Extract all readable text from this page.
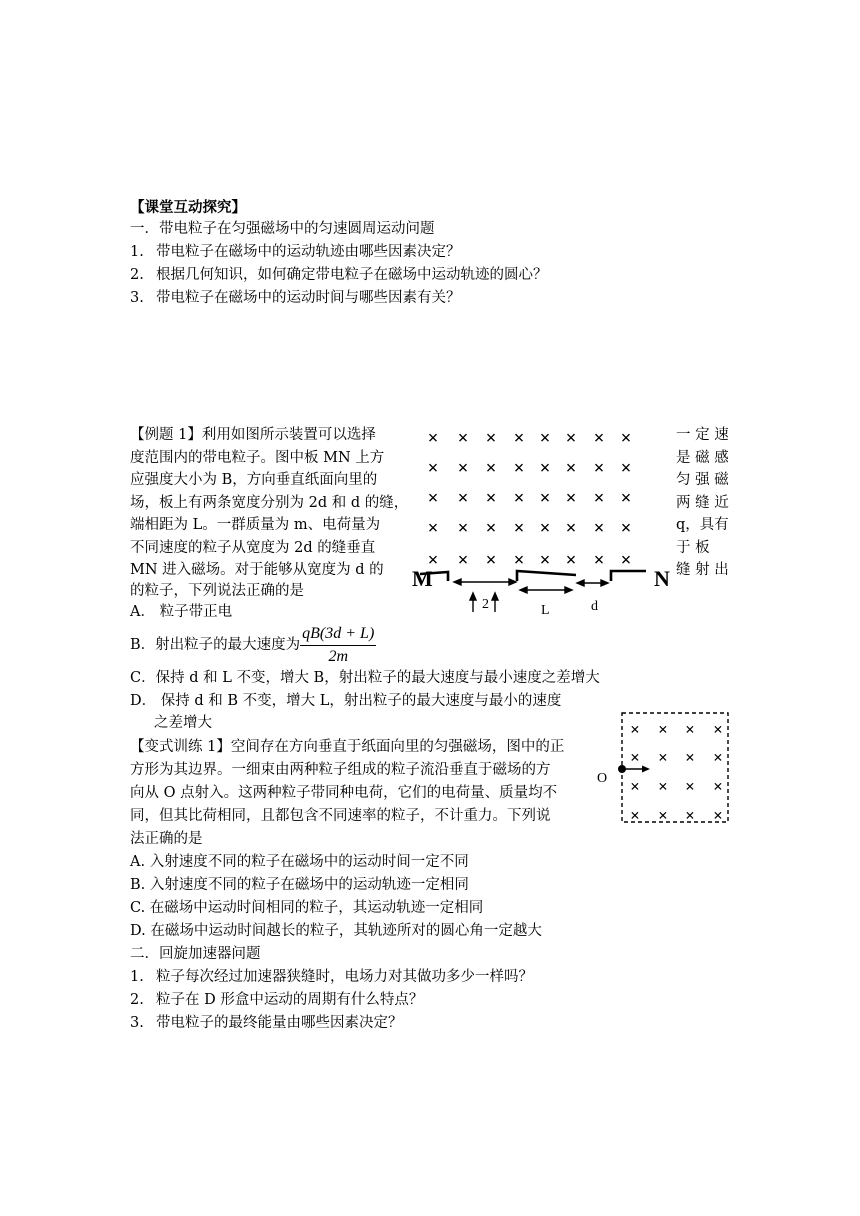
【课堂互动探究】
一．带电粒子在匀强磁场中的匀速圆周运动问题
1. 带电粒子在磁场中的运动轨迹由哪些因素决定？
2. 根据几何知识，如何确定带电粒子在磁场中运动轨迹的圆心？
3. 带电粒子在磁场中的运动时间与哪些因素有关？
【例题 1】利用如图所示装置可以选择
度范围内的带电粒子。图中板 MN 上方
应强度大小为 B，方向垂直纸面向里的
场，板上有两条宽度分别为 2d 和 d 的缝，
端相距为 L。一群质量为 m、电荷量为
不同速度的粒子从宽度为 2d 的缝垂直
MN 进入磁场。对于能够从宽度为 d 的
的粒子，下列说法正确的是
一 定 速
是 磁 感
匀 强 磁
两 缝 近
q，具有
于 板
缝 射 出
× × × × × × × ×
× × × × × × × ×
× × × × × × × ×
× × × × × × × ×
× × × × × × × ×
M	N
2	L	d
A． 粒子带正电
B．射出粒子的最大速度为 $\frac{qB(3d + L)}{2m}$
C．保持 d 和 L 不变，增大 B，射出粒子的最大速度与最小速度之差增大
D． 保持 d 和 B 不变，增大 L，射出粒子的最大速度与最小的速度
之差增大
【变式训练 1】空间存在方向垂直于纸面向里的匀强磁场，图中的正
方形为其边界。一细束由两种粒子组成的粒子流沿垂直于磁场的方
向从 O 点射入。这两种粒子带同种电荷，它们的电荷量、质量均不
同，但其比荷相同，且都包含不同速率的粒子，不计重力。下列说
法正确的是
A. 入射速度不同的粒子在磁场中的运动时间一定不同
B. 入射速度不同的粒子在磁场中的运动轨迹一定相同
C. 在磁场中运动时间相同的粒子，其运动轨迹一定相同
D. 在磁场中运动时间越长的粒子，其轨迹所对的圆心角一定越大
× × × ×
× × × ×
× × × ×
× × × ×
O
二．回旋加速器问题
1. 粒子每次经过加速器狭缝时，电场力对其做功多少一样吗？
2. 粒子在 D 形盒中运动的周期有什么特点？
3. 带电粒子的最终能量由哪些因素决定？
